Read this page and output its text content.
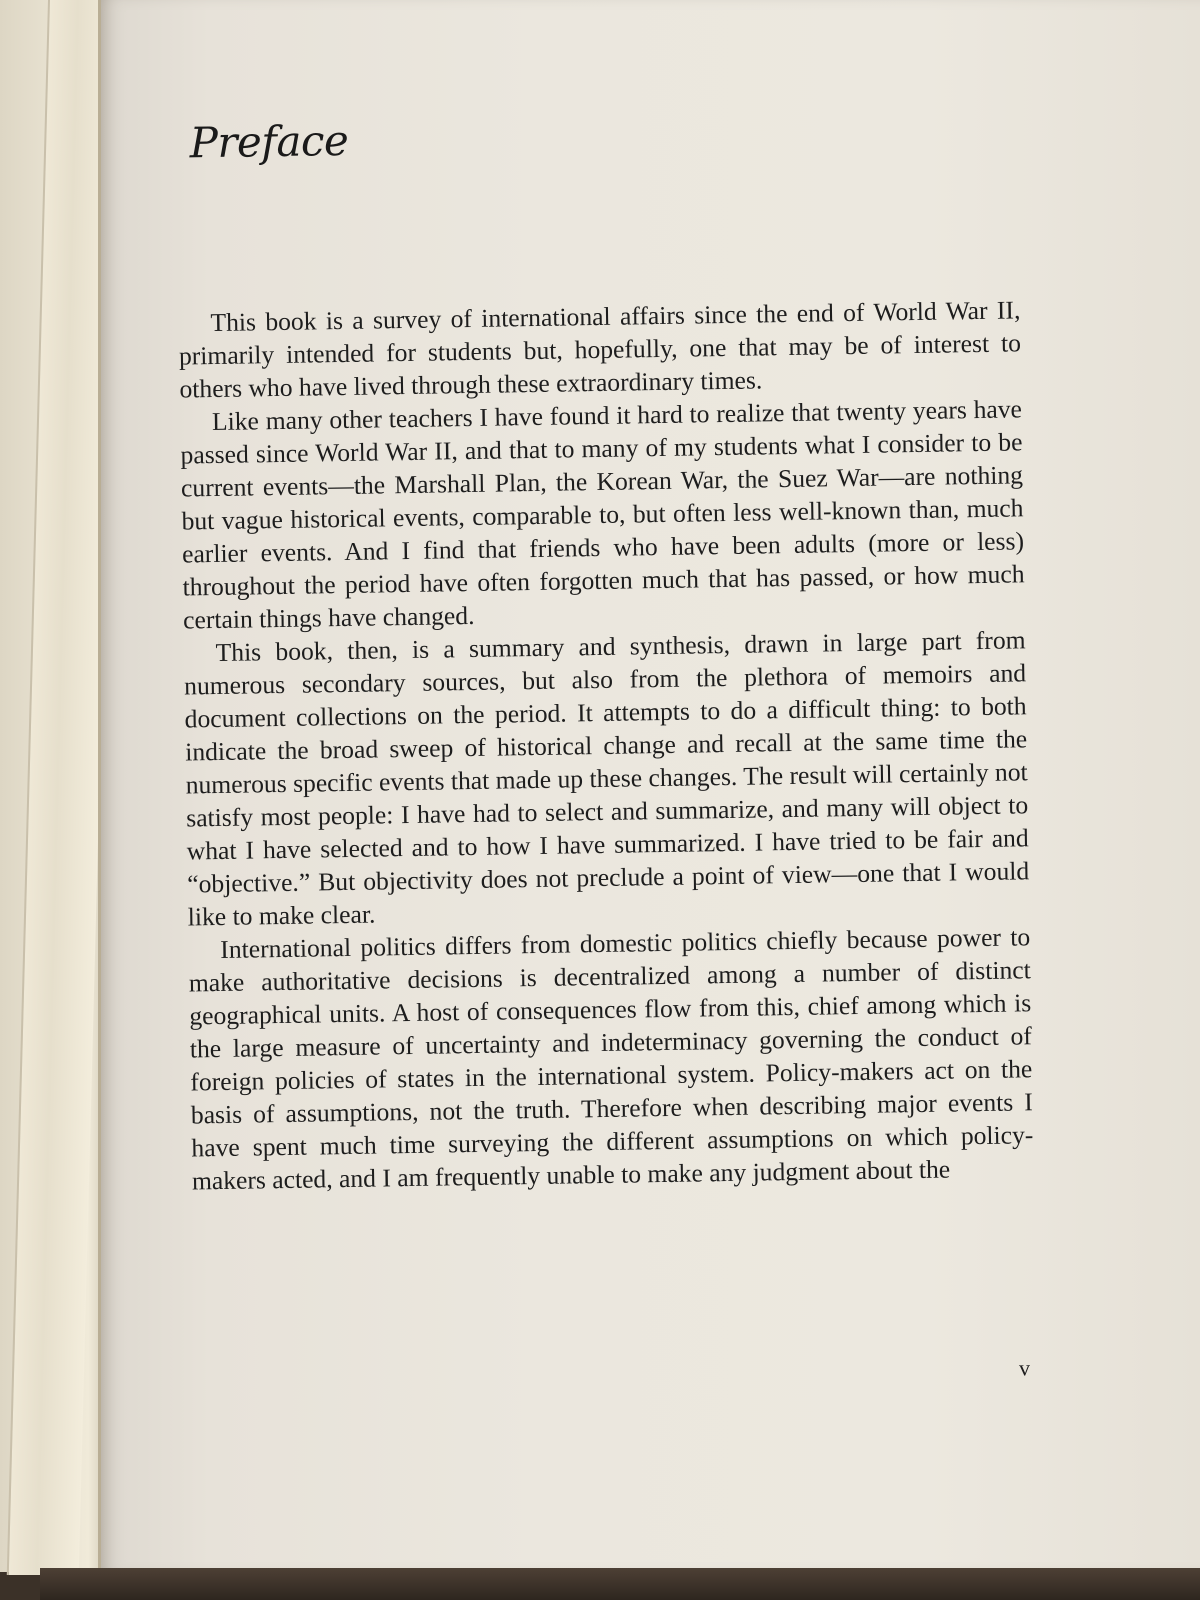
Preface

This book is a survey of international affairs since the end of World War II, primarily intended for students but, hopefully, one that may be of interest to others who have lived through these extraordinary times.

Like many other teachers I have found it hard to realize that twenty years have passed since World War II, and that to many of my students what I consider to be current events—the Marshall Plan, the Korean War, the Suez War—are nothing but vague historical events, comparable to, but often less well-known than, much earlier events. And I find that friends who have been adults (more or less) throughout the period have often forgotten much that has passed, or how much certain things have changed.

This book, then, is a summary and synthesis, drawn in large part from numerous secondary sources, but also from the plethora of memoirs and document collections on the period. It attempts to do a difficult thing: to both indicate the broad sweep of historical change and recall at the same time the numerous specific events that made up these changes. The result will certainly not satisfy most people: I have had to select and summarize, and many will object to what I have selected and to how I have summarized. I have tried to be fair and “objective.” But objectivity does not preclude a point of view—one that I would like to make clear.

International politics differs from domestic politics chiefly because power to make authoritative decisions is decentralized among a number of distinct geographical units. A host of consequences flow from this, chief among which is the large measure of uncertainty and indeterminacy governing the conduct of foreign policies of states in the international system. Policy-makers act on the basis of assumptions, not the truth. Therefore when describing major events I have spent much time surveying the different assumptions on which policy-makers acted, and I am frequently unable to make any judgment about the

v
